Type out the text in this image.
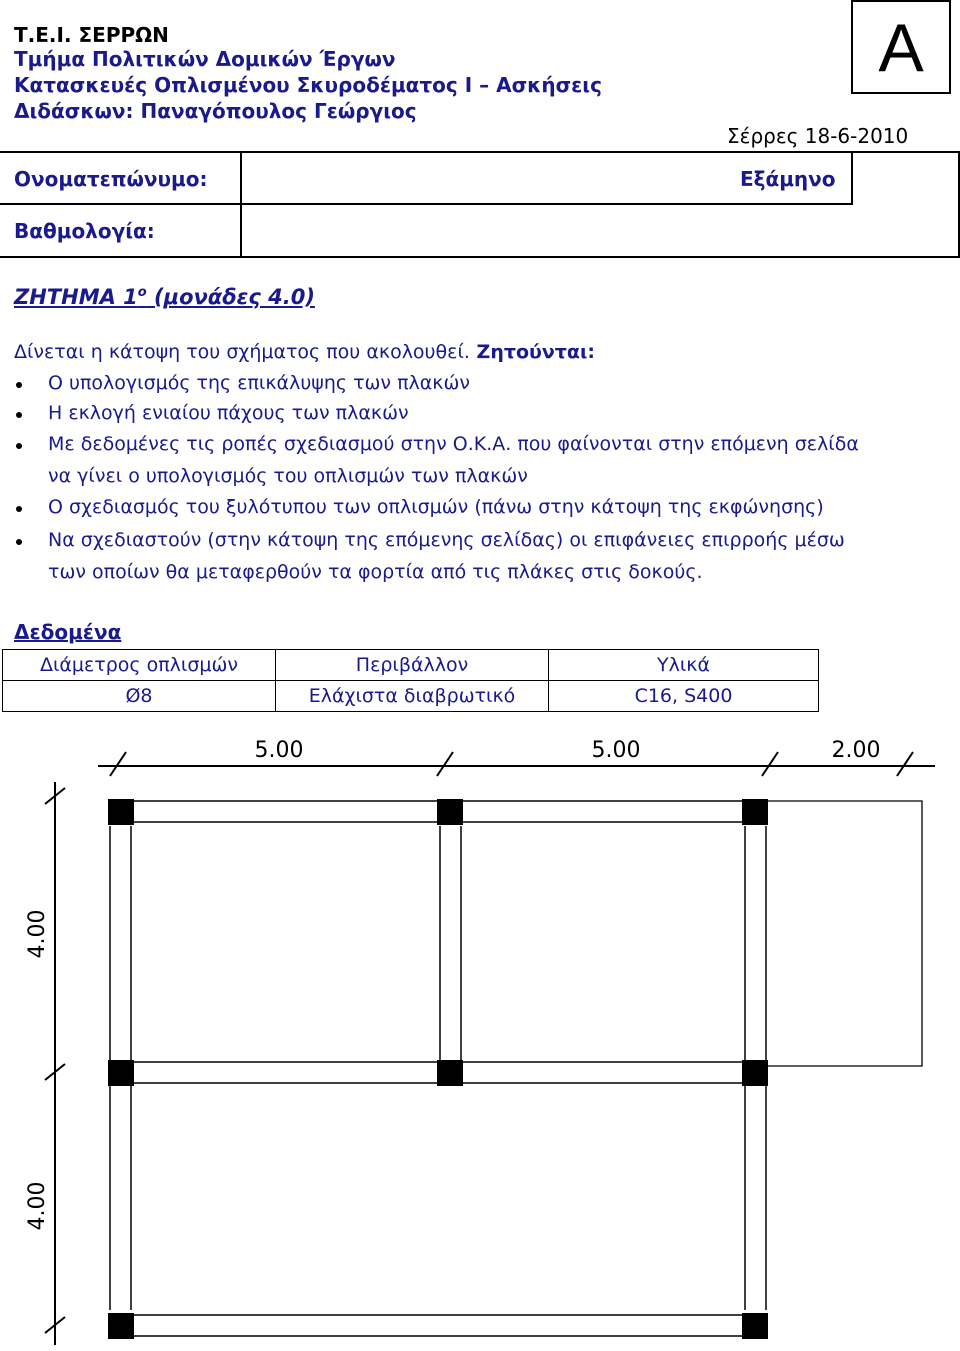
Τ.Ε.Ι. ΣΕΡΡΩΝ
Τμήμα Πολιτικών Δομικών Έργων
Κατασκευές Οπλισμένου Σκυροδέματος Ι – Ασκήσεις
Διδάσκων: Παναγόπουλος Γεώργιος
Α
Σέρρες 18-6-2010
Ονοματεπώνυμο:	Εξάμηνο
Βαθμολογία:
ΖΗΤΗΜΑ $1^o$ (μονάδες 4.0)
Δίνεται η κάτοψη του σχήματος που ακολουθεί. Ζητούνται:
Ο υπολογισμός της επικάλυψης των πλακών
Η εκλογή ενιαίου πάχους των πλακών
Με δεδομένες τις ροπές σχεδιασμού στην Ο.Κ.Α. που φαίνονται στην επόμενη σελίδα
να γίνει ο υπολογισμός του οπλισμών των πλακών
Ο σχεδιασμός του ξυλότυπου των οπλισμών (πάνω στην κάτοψη της εκφώνησης)
Να σχεδιαστούν (στην κάτοψη της επόμενης σελίδας) οι επιφάνειες επιρροής μέσω
των οποίων θα μεταφερθούν τα φορτία από τις πλάκες στις δοκούς.
Δεδομένα
Διάμετρος οπλισμών	Περιβάλλον	Υλικά
Ø8	Ελάχιστα διαβρωτικό	C16, S400
5.00	5.00	2.00
4.00
4.00
